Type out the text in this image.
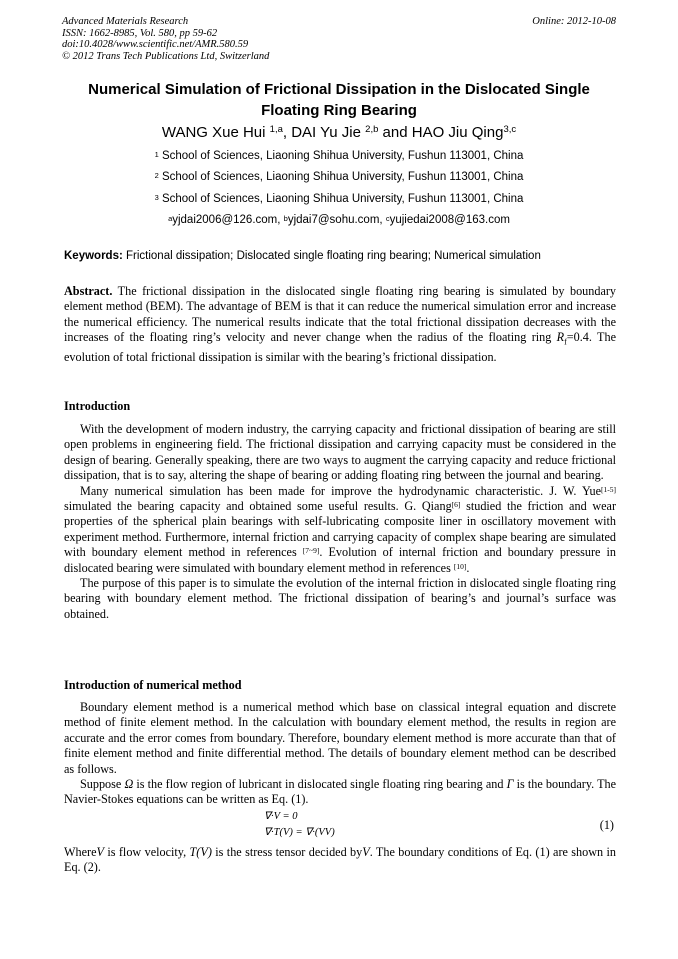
Advanced Materials Research
ISSN: 1662-8985, Vol. 580, pp 59-62
doi:10.4028/www.scientific.net/AMR.580.59
© 2012 Trans Tech Publications Ltd, Switzerland
Online: 2012-10-08
Numerical Simulation of Frictional Dissipation in the Dislocated Single
Floating Ring Bearing
WANG Xue Hui $^{1,a}$, DAI Yu Jie $^{2,b}$ and HAO Jiu Qing$^{3,c}$
$^1$ School of Sciences, Liaoning Shihua University, Fushun 113001, China
$^2$ School of Sciences, Liaoning Shihua University, Fushun 113001, China
$^3$ School of Sciences, Liaoning Shihua University, Fushun 113001, China
$^a$yjdai2006@126.com, $^b$yjdai7@sohu.com, $^c$yujiedai2008@163.com
Keywords: Frictional dissipation; Dislocated single floating ring bearing; Numerical simulation

Abstract. The frictional dissipation in the dislocated single floating ring bearing is simulated by boundary element method (BEM). The advantage of BEM is that it can reduce the numerical simulation error and increase the numerical efficiency. The numerical results indicate that the total frictional dissipation decreases with the increases of the floating ring’s velocity and never change when the radius of the floating ring $R_f=0.4$. The evolution of total frictional dissipation is similar with the bearing’s frictional dissipation.

Introduction

With the development of modern industry, the carrying capacity and frictional dissipation of bearing are still open problems in engineering field. The frictional dissipation and carrying capacity must be considered in the design of bearing. Generally speaking, there are two ways to augment the carrying capacity and reduce frictional dissipation, that is to say, altering the shape of bearing or adding floating ring between the journal and bearing.

Many numerical simulation has been made for improve the hydrodynamic characteristic. J. W. Yue[1-5] simulated the bearing capacity and obtained some useful results. G. Qiang[6] studied the friction and wear properties of the spherical plain bearings with self-lubricating composite liner in oscillatory movement with experiment method. Furthermore, internal friction and carrying capacity of complex shape bearing are simulated with boundary element method in references [7~9]. Evolution of internal friction and boundary pressure in dislocated bearing were simulated with boundary element method in references [10].

The purpose of this paper is to simulate the evolution of the internal friction in dislocated single floating ring bearing with boundary element method. The frictional dissipation of bearing’s and journal’s surface was obtained.

Introduction of numerical method

Boundary element method is a numerical method which base on classical integral equation and discrete method of finite element method. In the calculation with boundary element method, the results in region are accurate and the error comes from boundary. Therefore, boundary element method is more accurate than that of finite element method and finite differential method. The details of boundary element method can be described as follows.

Suppose Ω is the flow region of lubricant in dislocated single floating ring bearing and Γ is the boundary. The Navier-Stokes equations can be written as Eq. (1).

∇·V = 0
∇·T(V) = ∇·(VV)
(1)

WhereV is flow velocity, T(V) is the stress tensor decided byV. The boundary conditions of Eq. (1) are shown in Eq. (2).
